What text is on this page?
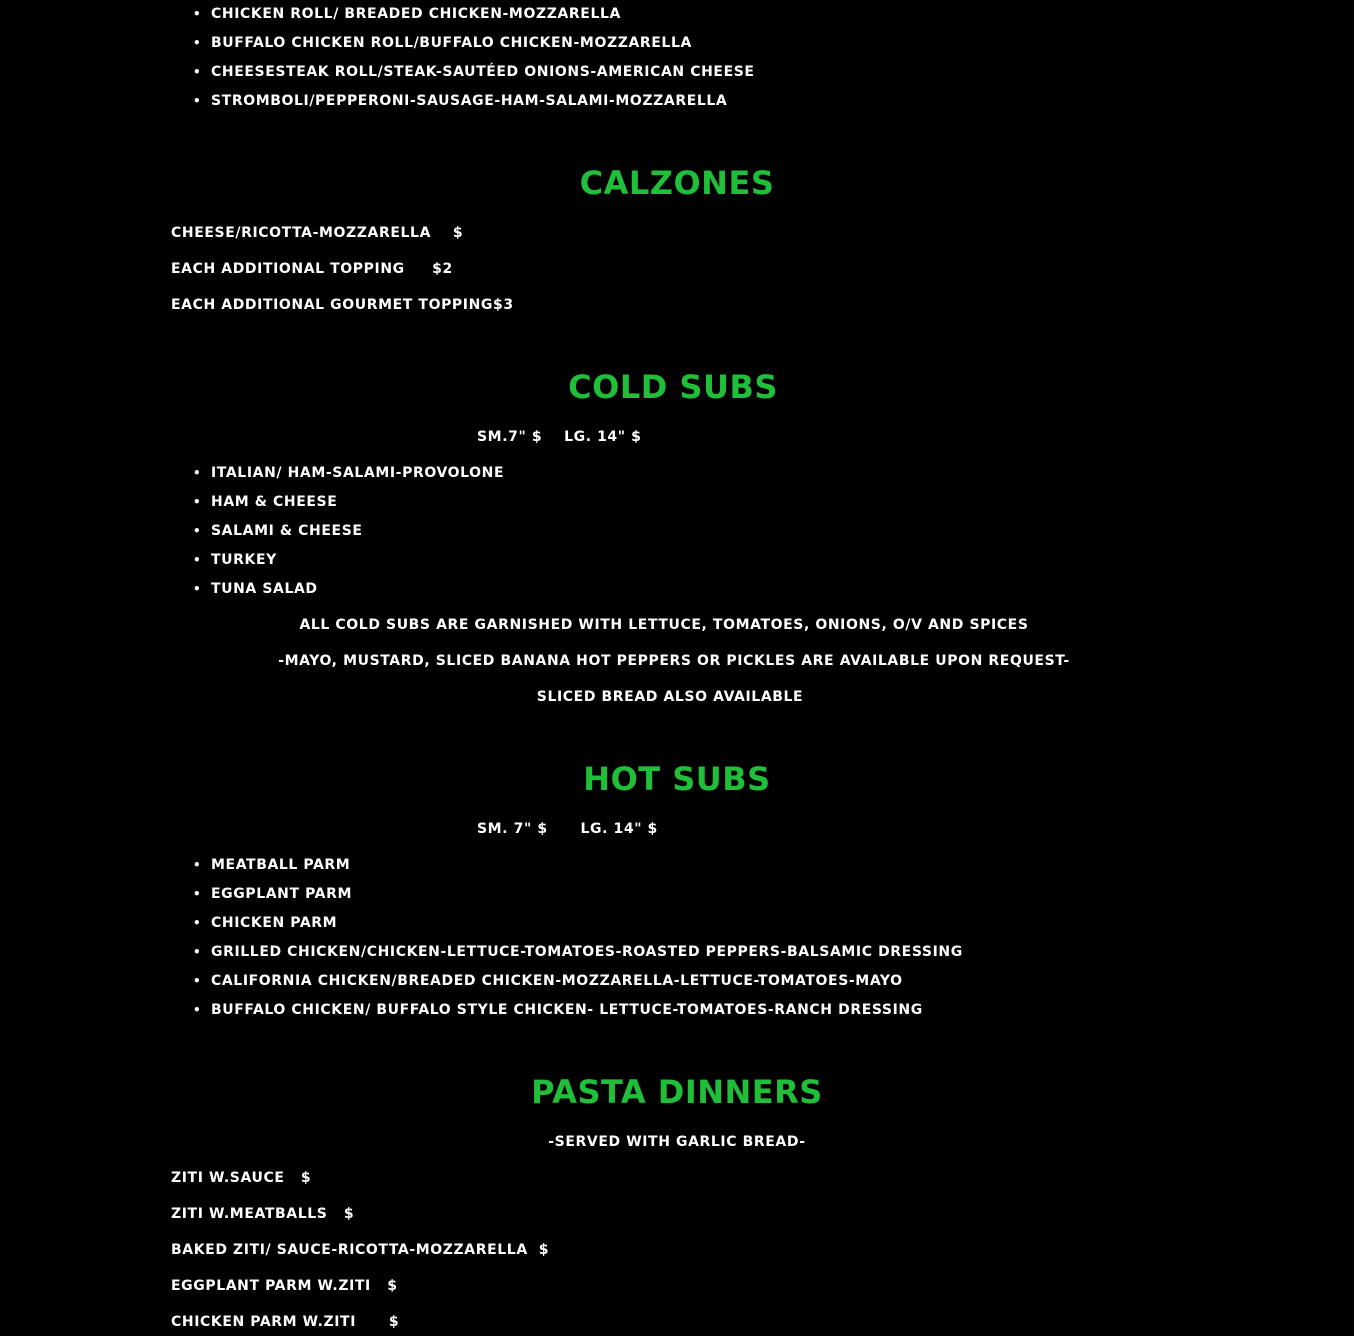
• CHICKEN ROLL/ BREADED CHICKEN-MOZZARELLA
• BUFFALO CHICKEN ROLL/BUFFALO CHICKEN-MOZZARELLA
• CHEESESTEAK ROLL/STEAK-SAUTÉED ONIONS-AMERICAN CHEESE
• STROMBOLI/PEPPERONI-SAUSAGE-HAM-SALAMI-MOZZARELLA
CALZONES
CHEESE/RICOTTA-MOZZARELLA    $
EACH ADDITIONAL TOPPING     $2
EACH ADDITIONAL GOURMET TOPPING$3
COLD SUBS
SM.7" $    LG. 14" $
• ITALIAN/ HAM-SALAMI-PROVOLONE
• HAM & CHEESE
• SALAMI & CHEESE
• TURKEY
• TUNA SALAD
ALL COLD SUBS ARE GARNISHED WITH LETTUCE, TOMATOES, ONIONS, O/V AND SPICES
-MAYO, MUSTARD, SLICED BANANA HOT PEPPERS OR PICKLES ARE AVAILABLE UPON REQUEST-
SLICED BREAD ALSO AVAILABLE
HOT SUBS
SM. 7" $      LG. 14" $
• MEATBALL PARM
• EGGPLANT PARM
• CHICKEN PARM
• GRILLED CHICKEN/CHICKEN-LETTUCE-TOMATOES-ROASTED PEPPERS-BALSAMIC DRESSING
• CALIFORNIA CHICKEN/BREADED CHICKEN-MOZZARELLA-LETTUCE-TOMATOES-MAYO
• BUFFALO CHICKEN/ BUFFALO STYLE CHICKEN- LETTUCE-TOMATOES-RANCH DRESSING
PASTA DINNERS
-SERVED WITH GARLIC BREAD-
ZITI W.SAUCE   $
ZITI W.MEATBALLS   $
BAKED ZITI/ SAUCE-RICOTTA-MOZZARELLA  $
EGGPLANT PARM W.ZITI   $
CHICKEN PARM W.ZITI      $
